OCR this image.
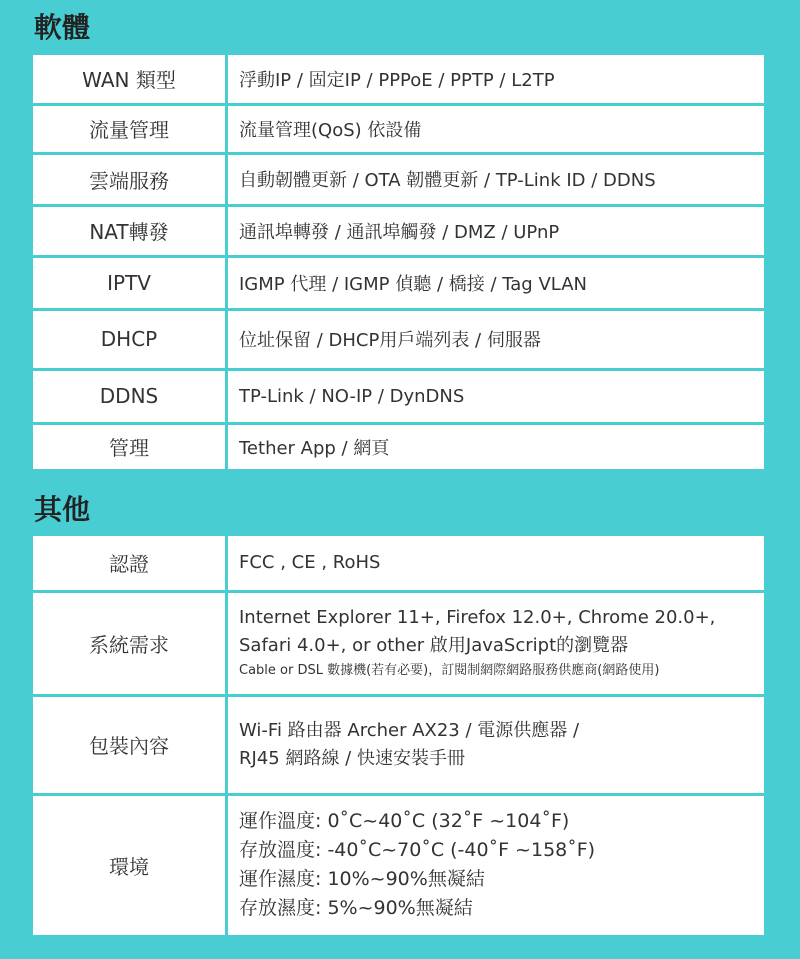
軟體
WAN 類型	浮動IP / 固定IP / PPPoE / PPTP / L2TP
流量管理	流量管理(QoS) 依設備
雲端服務	自動韌體更新 / OTA 韌體更新 / TP-Link ID / DDNS
NAT轉發	通訊埠轉發 / 通訊埠觸發 / DMZ / UPnP
IPTV	IGMP 代理 / IGMP 偵聽 / 橋接 / Tag VLAN
DHCP	位址保留 / DHCP用戶端列表 / 伺服器
DDNS	TP-Link / NO-IP / DynDNS
管理	Tether App / 網頁
其他
認證	FCC , CE , RoHS
系統需求	Internet Explorer 11+, Firefox 12.0+, Chrome 20.0+,
Safari 4.0+, or other 啟用JavaScript的瀏覽器
Cable or DSL 數據機(若有必要)，訂閱制網際網路服務供應商(網路使用)

包裝內容	Wi-Fi 路由器 Archer AX23 / 電源供應器 /
RJ45 網路線 / 快速安裝手冊

環境	運作溫度: 0˚C~40˚C (32˚F ~104˚F)
存放溫度: -40˚C~70˚C (-40˚F ~158˚F)
運作濕度: 10%~90%無凝結
存放濕度: 5%~90%無凝結
